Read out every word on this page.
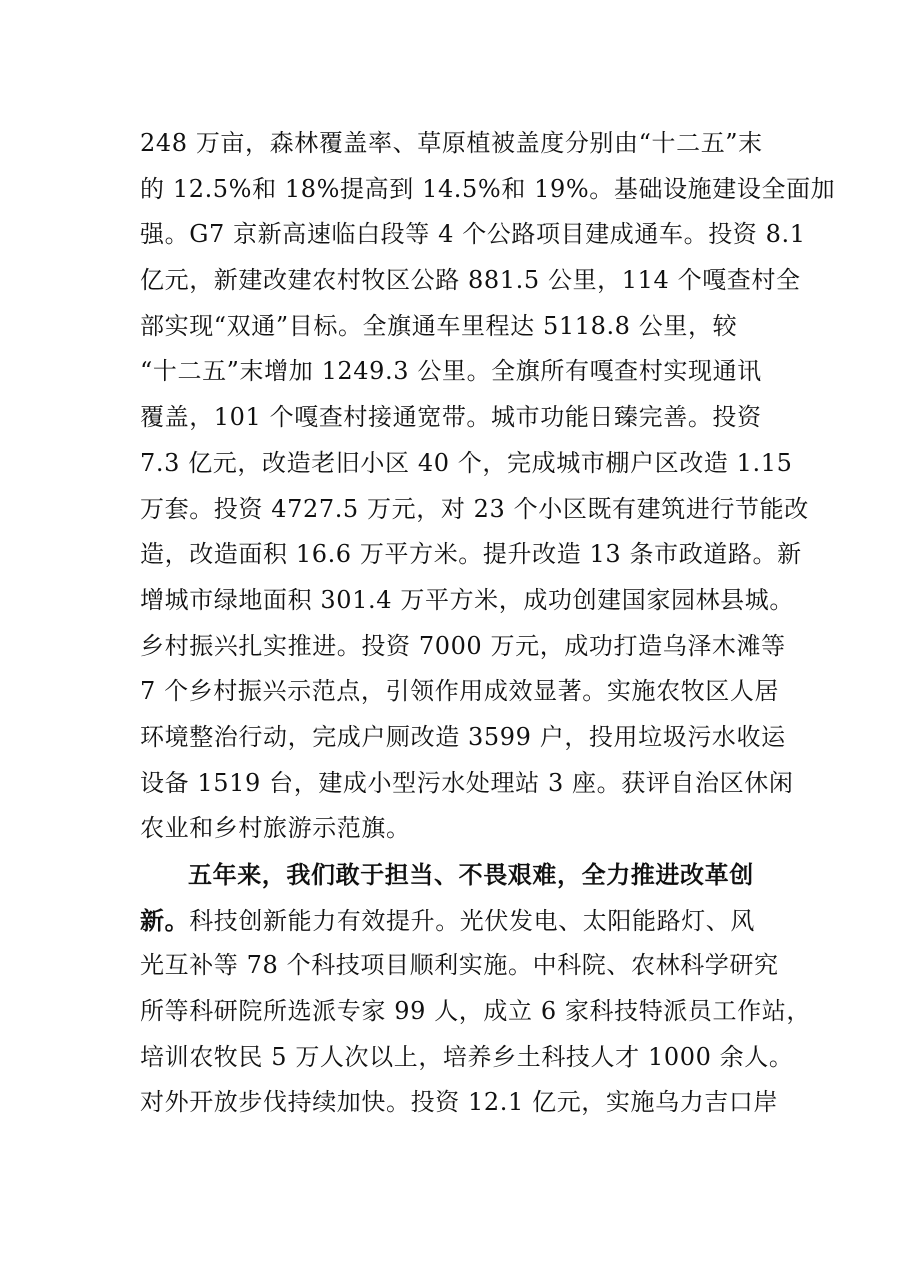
248 万亩，森林覆盖率、草原植被盖度分别由“十二五”末
的 12.5%和 18%提高到 14.5%和 19%。基础设施建设全面加
强。G7 京新高速临白段等 4 个公路项目建成通车。投资 8.1
亿元，新建改建农村牧区公路 881.5 公里，114 个嘎查村全
部实现“双通”目标。全旗通车里程达 5118.8 公里，较
“十二五”末增加 1249.3 公里。全旗所有嘎查村实现通讯
覆盖，101 个嘎查村接通宽带。城市功能日臻完善。投资
7.3 亿元，改造老旧小区 40 个，完成城市棚户区改造 1.15
万套。投资 4727.5 万元，对 23 个小区既有建筑进行节能改
造，改造面积 16.6 万平方米。提升改造 13 条市政道路。新
增城市绿地面积 301.4 万平方米，成功创建国家园林县城。
乡村振兴扎实推进。投资 7000 万元，成功打造乌泽木滩等
7 个乡村振兴示范点，引领作用成效显著。实施农牧区人居
环境整治行动，完成户厕改造 3599 户，投用垃圾污水收运
设备 1519 台，建成小型污水处理站 3 座。获评自治区休闲
农业和乡村旅游示范旗。
五年来，我们敢于担当、不畏艰难，全力推进改革创
新。科技创新能力有效提升。光伏发电、太阳能路灯、风
光互补等 78 个科技项目顺利实施。中科院、农林科学研究
所等科研院所选派专家 99 人，成立 6 家科技特派员工作站，
培训农牧民 5 万人次以上，培养乡土科技人才 1000 余人。
对外开放步伐持续加快。投资 12.1 亿元，实施乌力吉口岸
